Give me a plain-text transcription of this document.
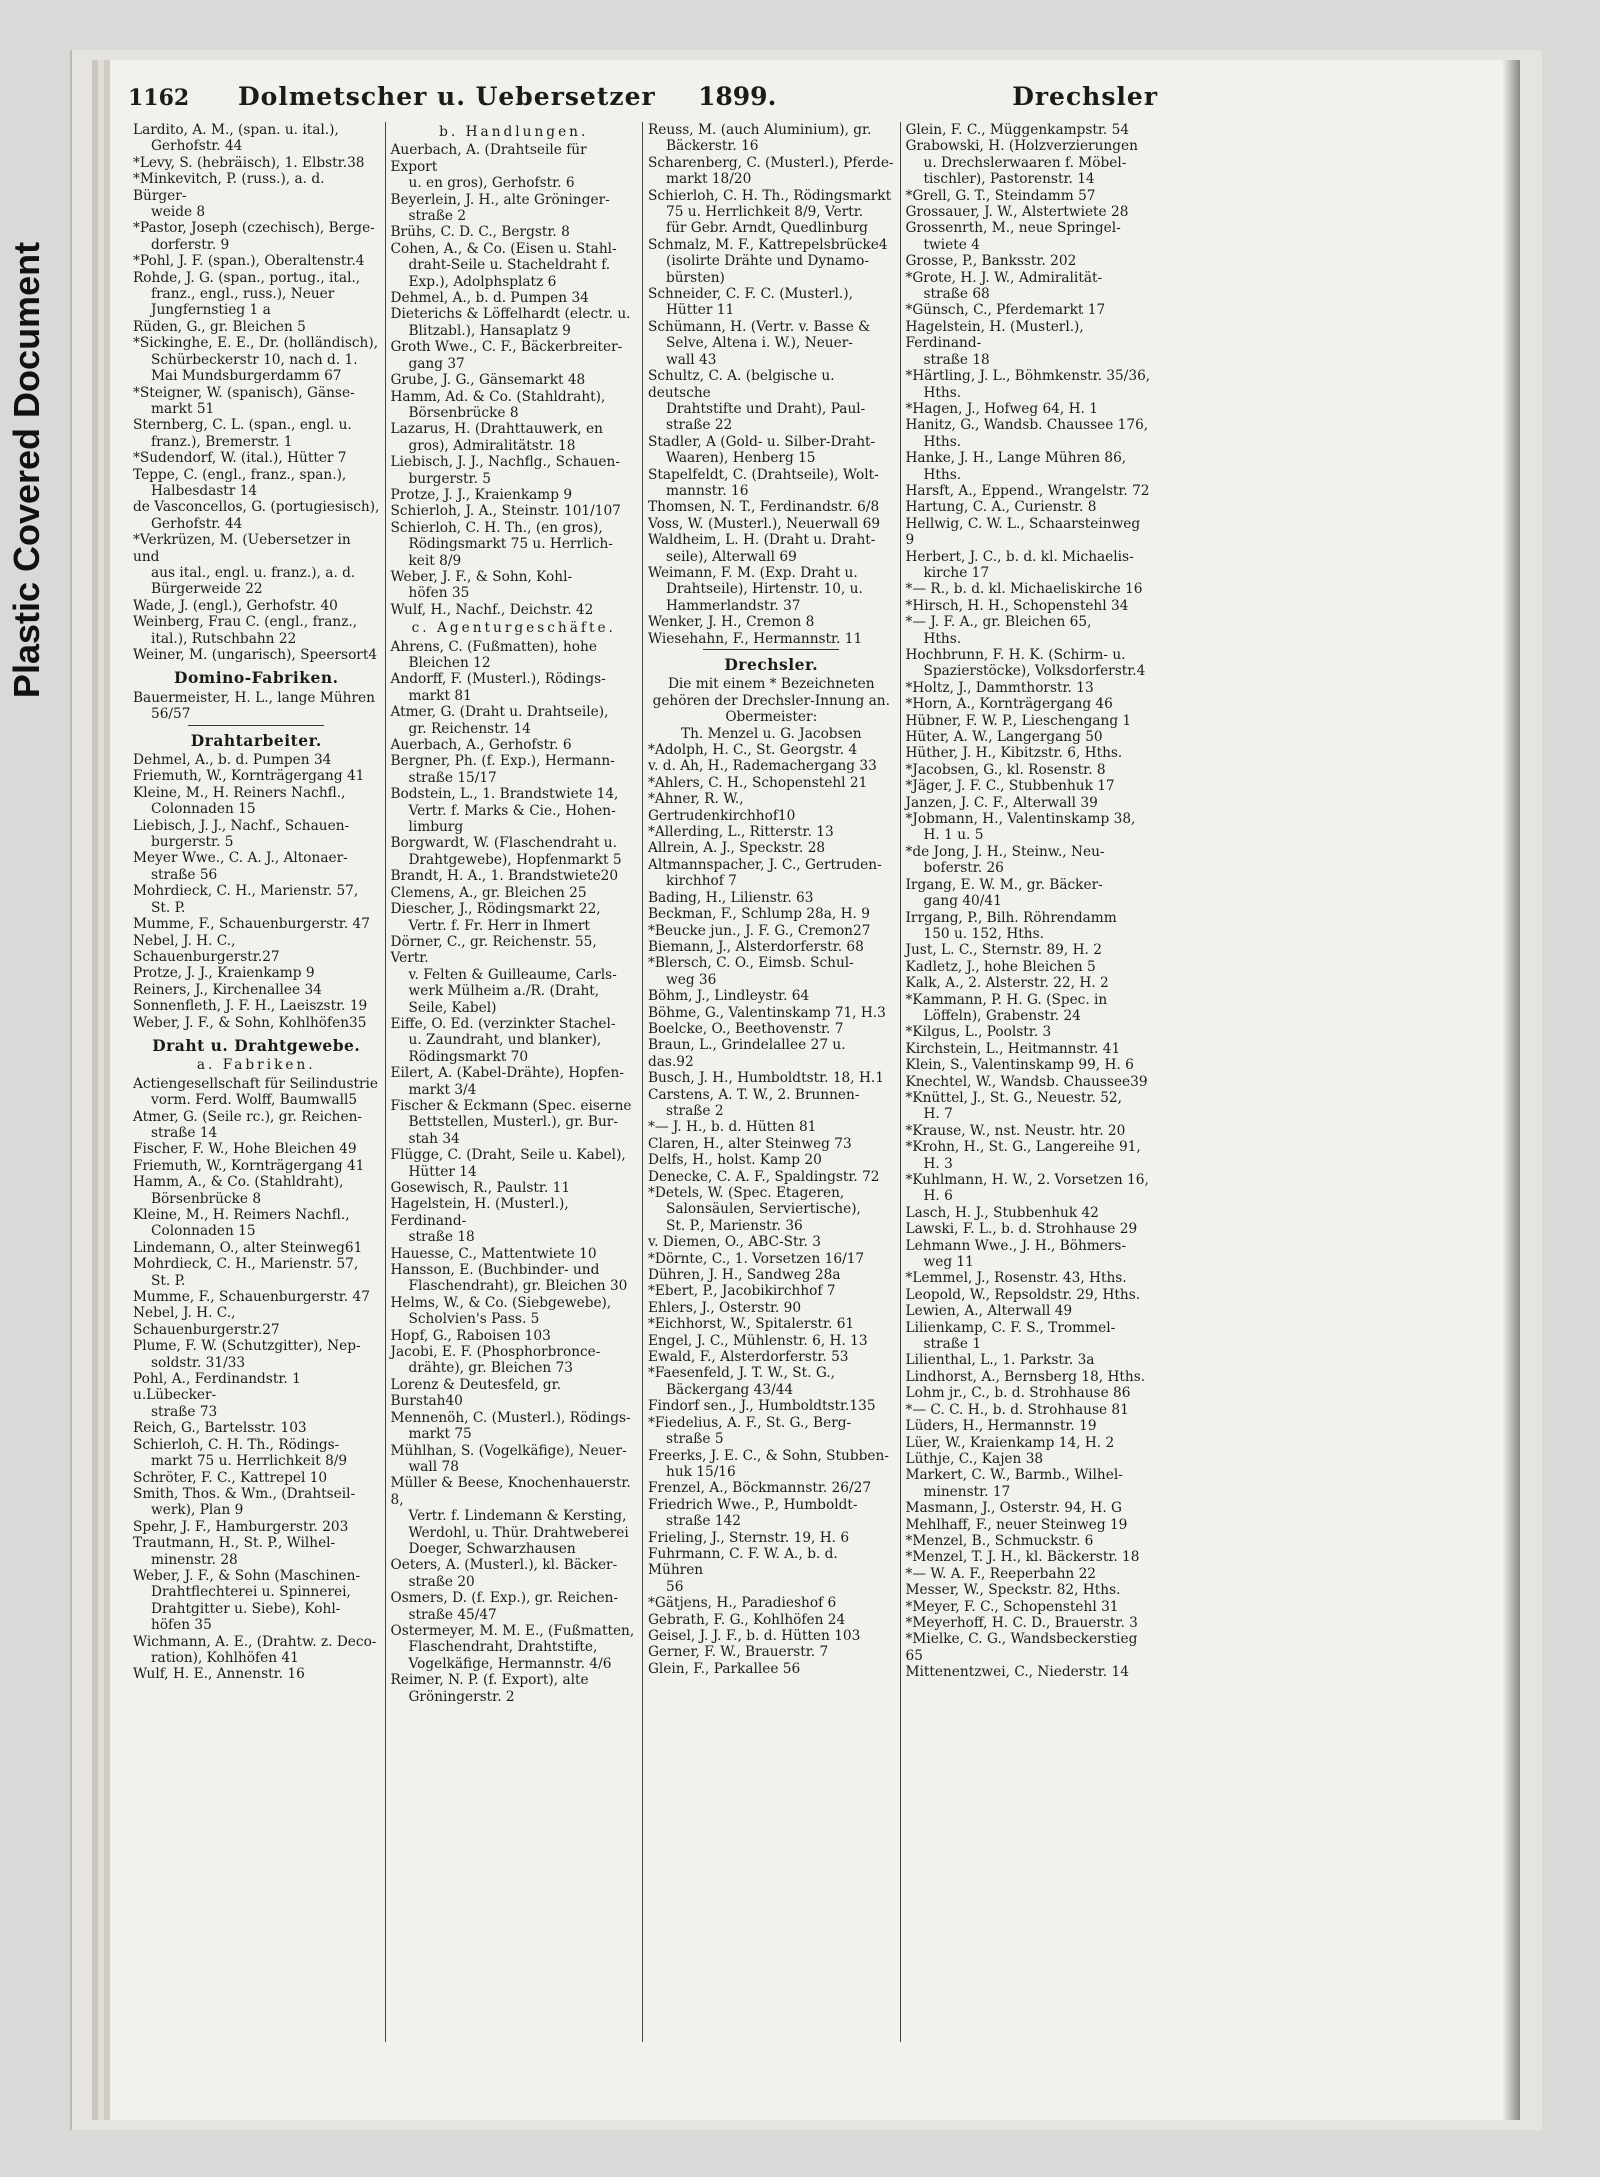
Plastic Covered Document
1162	Dolmetscher u. Uebersetzer	1899.	Drechsler

Lardito, A. M., (span. u. ital.),

Gerhofstr. 44

*Levy, S. (hebräisch), 1. Elbstr.38

*Minkevitch, P. (russ.), a. d. Bürger-

weide 8

*Pastor, Joseph (czechisch), Berge-

dorferstr. 9

*Pohl, J. F. (span.), Oberaltenstr.4

Rohde, J. G. (span., portug., ital.,

franz., engl., russ.), Neuer

Jungfernstieg 1 a

Rüden, G., gr. Bleichen 5

*Sickinghe, E. E., Dr. (holländisch),

Schürbeckerstr 10, nach d. 1.

Mai Mundsburgerdamm 67

*Steigner, W. (spanisch), Gänse-

markt 51

Sternberg, C. L. (span., engl. u.

franz.), Bremerstr. 1

*Sudendorf, W. (ital.), Hütter 7

Teppe, C. (engl., franz., span.),

Halbesdastr 14

de Vasconcellos, G. (portugiesisch),

Gerhofstr. 44

*Verkrüzen, M. (Uebersetzer in und

aus ital., engl. u. franz.), a. d.

Bürgerweide 22

Wade, J. (engl.), Gerhofstr. 40

Weinberg, Frau C. (engl., franz.,

ital.), Rutschbahn 22

Weiner, M. (ungarisch), Speersort4

Domino-Fabriken.

Bauermeister, H. L., lange Mühren

56/57

Drahtarbeiter.

Dehmel, A., b. d. Pumpen 34

Friemuth, W., Kornträgergang 41

Kleine, M., H. Reiners Nachfl.,

Colonnaden 15

Liebisch, J. J., Nachf., Schauen-

burgerstr. 5

Meyer Wwe., C. A. J., Altonaer-

straße 56

Mohrdieck, C. H., Marienstr. 57,

St. P.

Mumme, F., Schauenburgerstr. 47

Nebel, J. H. C., Schauenburgerstr.27

Protze, J. J., Kraienkamp 9

Reiners, J., Kirchenallee 34

Sonnenfleth, J. F. H., Laeiszstr. 19

Weber, J. F., & Sohn, Kohlhöfen35

Draht u. Drahtgewebe.

a. Fabriken.

Actiengesellschaft für Seilindustrie

vorm. Ferd. Wolff, Baumwall5

Atmer, G. (Seile rc.), gr. Reichen-

straße 14

Fischer, F. W., Hohe Bleichen 49

Friemuth, W., Kornträgergang 41

Hamm, A., & Co. (Stahldraht),

Börsenbrücke 8

Kleine, M., H. Reimers Nachfl.,

Colonnaden 15

Lindemann, O., alter Steinweg61

Mohrdieck, C. H., Marienstr. 57,

St. P.

Mumme, F., Schauenburgerstr. 47

Nebel, J. H. C., Schauenburgerstr.27

Plume, F. W. (Schutzgitter), Nep-

soldstr. 31/33

Pohl, A., Ferdinandstr. 1 u.Lübecker-

straße 73

Reich, G., Bartelsstr. 103

Schierloh, C. H. Th., Rödings-

markt 75 u. Herrlichkeit 8/9

Schröter, F. C., Kattrepel 10

Smith, Thos. & Wm., (Drahtseil-

werk), Plan 9

Spehr, J. F., Hamburgerstr. 203

Trautmann, H., St. P., Wilhel-

minenstr. 28

Weber, J. F., & Sohn (Maschinen-

Drahtflechterei u. Spinnerei,

Drahtgitter u. Siebe), Kohl-

höfen 35

Wichmann, A. E., (Drahtw. z. Deco-

ration), Kohlhöfen 41

Wulf, H. E., Annenstr. 16

b. Handlungen.

Auerbach, A. (Drahtseile für Export

u. en gros), Gerhofstr. 6

Beyerlein, J. H., alte Gröninger-

straße 2

Brühs, C. D. C., Bergstr. 8

Cohen, A., & Co. (Eisen u. Stahl-

draht-Seile u. Stacheldraht f.

Exp.), Adolphsplatz 6

Dehmel, A., b. d. Pumpen 34

Dieterichs & Löffelhardt (electr. u.

Blitzabl.), Hansaplatz 9

Groth Wwe., C. F., Bäckerbreiter-

gang 37

Grube, J. G., Gänsemarkt 48

Hamm, Ad. & Co. (Stahldraht),

Börsenbrücke 8

Lazarus, H. (Drahttauwerk, en

gros), Admiralitätstr. 18

Liebisch, J. J., Nachflg., Schauen-

burgerstr. 5

Protze, J. J., Kraienkamp 9

Schierloh, J. A., Steinstr. 101/107

Schierloh, C. H. Th., (en gros),

Rödingsmarkt 75 u. Herrlich-

keit 8/9

Weber, J. F., & Sohn, Kohl-

höfen 35

Wulf, H., Nachf., Deichstr. 42

c. Agenturgeschäfte.

Ahrens, C. (Fußmatten), hohe

Bleichen 12

Andorff, F. (Musterl.), Rödings-

markt 81

Atmer, G. (Draht u. Drahtseile),

gr. Reichenstr. 14

Auerbach, A., Gerhofstr. 6

Bergner, Ph. (f. Exp.), Hermann-

straße 15/17

Bodstein, L., 1. Brandstwiete 14,

Vertr. f. Marks & Cie., Hohen-

limburg

Borgwardt, W. (Flaschendraht u.

Drahtgewebe), Hopfenmarkt 5

Brandt, H. A., 1. Brandstwiete20

Clemens, A., gr. Bleichen 25

Diescher, J., Rödingsmarkt 22,

Vertr. f. Fr. Herr in Ihmert

Dörner, C., gr. Reichenstr. 55, Vertr.

v. Felten & Guilleaume, Carls-

werk Mülheim a./R. (Draht,

Seile, Kabel)

Eiffe, O. Ed. (verzinkter Stachel-

u. Zaundraht, und blanker),

Rödingsmarkt 70

Eilert, A. (Kabel-Drähte), Hopfen-

markt 3/4

Fischer & Eckmann (Spec. eiserne

Bettstellen, Musterl.), gr. Bur-

stah 34

Flügge, C. (Draht, Seile u. Kabel),

Hütter 14

Gosewisch, R., Paulstr. 11

Hagelstein, H. (Musterl.), Ferdinand-

straße 18

Hauesse, C., Mattentwiete 10

Hansson, E. (Buchbinder- und

Flaschendraht), gr. Bleichen 30

Helms, W., & Co. (Siebgewebe),

Scholvien's Pass. 5

Hopf, G., Raboisen 103

Jacobi, E. F. (Phosphorbronce-

drähte), gr. Bleichen 73

Lorenz & Deutesfeld, gr. Burstah40

Mennenöh, C. (Musterl.), Rödings-

markt 75

Mühlhan, S. (Vogelkäfige), Neuer-

wall 78

Müller & Beese, Knochenhauerstr. 8,

Vertr. f. Lindemann & Kersting,

Werdohl, u. Thür. Drahtweberei

Doeger, Schwarzhausen

Oeters, A. (Musterl.), kl. Bäcker-

straße 20

Osmers, D. (f. Exp.), gr. Reichen-

straße 45/47

Ostermeyer, M. M. E., (Fußmatten,

Flaschendraht, Drahtstifte,

Vogelkäfige, Hermannstr. 4/6

Reimer, N. P. (f. Export), alte

Gröningerstr. 2

Reuss, M. (auch Aluminium), gr.

Bäckerstr. 16

Scharenberg, C. (Musterl.), Pferde-

markt 18/20

Schierloh, C. H. Th., Rödingsmarkt

75 u. Herrlichkeit 8/9, Vertr.

für Gebr. Arndt, Quedlinburg

Schmalz, M. F., Kattrepelsbrücke4

(isolirte Drähte und Dynamo-

bürsten)

Schneider, C. F. C. (Musterl.),

Hütter 11

Schümann, H. (Vertr. v. Basse &

Selve, Altena i. W.), Neuer-

wall 43

Schultz, C. A. (belgische u. deutsche

Drahtstifte und Draht), Paul-

straße 22

Stadler, A (Gold- u. Silber-Draht-

Waaren), Henberg 15

Stapelfeldt, C. (Drahtseile), Wolt-

mannstr. 16

Thomsen, N. T., Ferdinandstr. 6/8

Voss, W. (Musterl.), Neuerwall 69

Waldheim, L. H. (Draht u. Draht-

seile), Alterwall 69

Weimann, F. M. (Exp. Draht u.

Drahtseile), Hirtenstr. 10, u.

Hammerlandstr. 37

Wenker, J. H., Cremon 8

Wiesehahn, F., Hermannstr. 11

Drechsler.

Die mit einem * Bezeichneten

gehören der Drechsler-Innung an.

Obermeister:

Th. Menzel u. G. Jacobsen

*Adolph, H. C., St. Georgstr. 4

v. d. Ah, H., Rademachergang 33

*Ahlers, C. H., Schopenstehl 21

*Ahner, R. W., Gertrudenkirchhof10

*Allerding, L., Ritterstr. 13

Allrein, A. J., Speckstr. 28

Altmannspacher, J. C., Gertruden-

kirchhof 7

Bading, H., Lilienstr. 63

Beckman, F., Schlump 28a, H. 9

*Beucke jun., J. F. G., Cremon27

Biemann, J., Alsterdorferstr. 68

*Blersch, C. O., Eimsb. Schul-

weg 36

Böhm, J., Lindleystr. 64

Böhme, G., Valentinskamp 71, H.3

Boelcke, O., Beethovenstr. 7

Braun, L., Grindelallee 27 u. das.92

Busch, J. H., Humboldtstr. 18, H.1

Carstens, A. T. W., 2. Brunnen-

straße 2

*— J. H., b. d. Hütten 81

Claren, H., alter Steinweg 73

Delfs, H., holst. Kamp 20

Denecke, C. A. F., Spaldingstr. 72

*Detels, W. (Spec. Etageren,

Salonsäulen, Serviertische),

St. P., Marienstr. 36

v. Diemen, O., ABC-Str. 3

*Dörnte, C., 1. Vorsetzen 16/17

Dühren, J. H., Sandweg 28a

*Ebert, P., Jacobikirchhof 7

Ehlers, J., Osterstr. 90

*Eichhorst, W., Spitalerstr. 61

Engel, J. C., Mühlenstr. 6, H. 13

Ewald, F., Alsterdorferstr. 53

*Faesenfeld, J. T. W., St. G.,

Bäckergang 43/44

Findorf sen., J., Humboldtstr.135

*Fiedelius, A. F., St. G., Berg-

straße 5

Freerks, J. E. C., & Sohn, Stubben-

huk 15/16

Frenzel, A., Böckmannstr. 26/27

Friedrich Wwe., P., Humboldt-

straße 142

Frieling, J., Sternstr. 19, H. 6

Fuhrmann, C. F. W. A., b. d. Mühren

56

*Gätjens, H., Paradieshof 6

Gebrath, F. G., Kohlhöfen 24

Geisel, J. J. F., b. d. Hütten 103

Gerner, F. W., Brauerstr. 7

Glein, F., Parkallee 56

Glein, F. C., Müggenkampstr. 54

Grabowski, H. (Holzverzierungen

u. Drechslerwaaren f. Möbel-

tischler), Pastorenstr. 14

*Grell, G. T., Steindamm 57

Grossauer, J. W., Alstertwiete 28

Grossenrth, M., neue Springel-

twiete 4

Grosse, P., Banksstr. 202

*Grote, H. J. W., Admiralität-

straße 68

*Günsch, C., Pferdemarkt 17

Hagelstein, H. (Musterl.), Ferdinand-

straße 18

*Härtling, J. L., Böhmkenstr. 35/36,

Hths.

*Hagen, J., Hofweg 64, H. 1

Hanitz, G., Wandsb. Chaussee 176,

Hths.

Hanke, J. H., Lange Mühren 86,

Hths.

Harsft, A., Eppend., Wrangelstr. 72

Hartung, C. A., Curienstr. 8

Hellwig, C. W. L., Schaarsteinweg 9

Herbert, J. C., b. d. kl. Michaelis-

kirche 17

*— R., b. d. kl. Michaeliskirche 16

*Hirsch, H. H., Schopenstehl 34

*— J. F. A., gr. Bleichen 65,

Hths.

Hochbrunn, F. H. K. (Schirm- u.

Spazierstöcke), Volksdorferstr.4

*Holtz, J., Dammthorstr. 13

*Horn, A., Kornträgergang 46

Hübner, F. W. P., Lieschengang 1

Hüter, A. W., Langergang 50

Hüther, J. H., Kibitzstr. 6, Hths.

*Jacobsen, G., kl. Rosenstr. 8

*Jäger, J. F. C., Stubbenhuk 17

Janzen, J. C. F., Alterwall 39

*Jobmann, H., Valentinskamp 38,

H. 1 u. 5

*de Jong, J. H., Steinw., Neu-

boferstr. 26

Irgang, E. W. M., gr. Bäcker-

gang 40/41

Irrgang, P., Bilh. Röhrendamm

150 u. 152, Hths.

Just, L. C., Sternstr. 89, H. 2

Kadletz, J., hohe Bleichen 5

Kalk, A., 2. Alsterstr. 22, H. 2

*Kammann, P. H. G. (Spec. in

Löffeln), Grabenstr. 24

*Kilgus, L., Poolstr. 3

Kirchstein, L., Heitmannstr. 41

Klein, S., Valentinskamp 99, H. 6

Knechtel, W., Wandsb. Chaussee39

*Knüttel, J., St. G., Neuestr. 52,

H. 7

*Krause, W., nst. Neustr. htr. 20

*Krohn, H., St. G., Langereihe 91,

H. 3

*Kuhlmann, H. W., 2. Vorsetzen 16,

H. 6

Lasch, H. J., Stubbenhuk 42

Lawski, F. L., b. d. Strohhause 29

Lehmann Wwe., J. H., Böhmers-

weg 11

*Lemmel, J., Rosenstr. 43, Hths.

Leopold, W., Repsoldstr. 29, Hths.

Lewien, A., Alterwall 49

Lilienkamp, C. F. S., Trommel-

straße 1

Lilienthal, L., 1. Parkstr. 3a

Lindhorst, A., Bernsberg 18, Hths.

Lohm jr., C., b. d. Strohhause 86

*— C. C. H., b. d. Strohhause 81

Lüders, H., Hermannstr. 19

Lüer, W., Kraienkamp 14, H. 2

Lüthje, C., Kajen 38

Markert, C. W., Barmb., Wilhel-

minenstr. 17

Masmann, J., Osterstr. 94, H. G

Mehlhaff, F., neuer Steinweg 19

*Menzel, B., Schmuckstr. 6

*Menzel, T. J. H., kl. Bäckerstr. 18

*— W. A. F., Reeperbahn 22

Messer, W., Speckstr. 82, Hths.

*Meyer, F. C., Schopenstehl 31

*Meyerhoff, H. C. D., Brauerstr. 3

*Mielke, C. G., Wandsbeckerstieg 65

Mittenentzwei, C., Niederstr. 14
